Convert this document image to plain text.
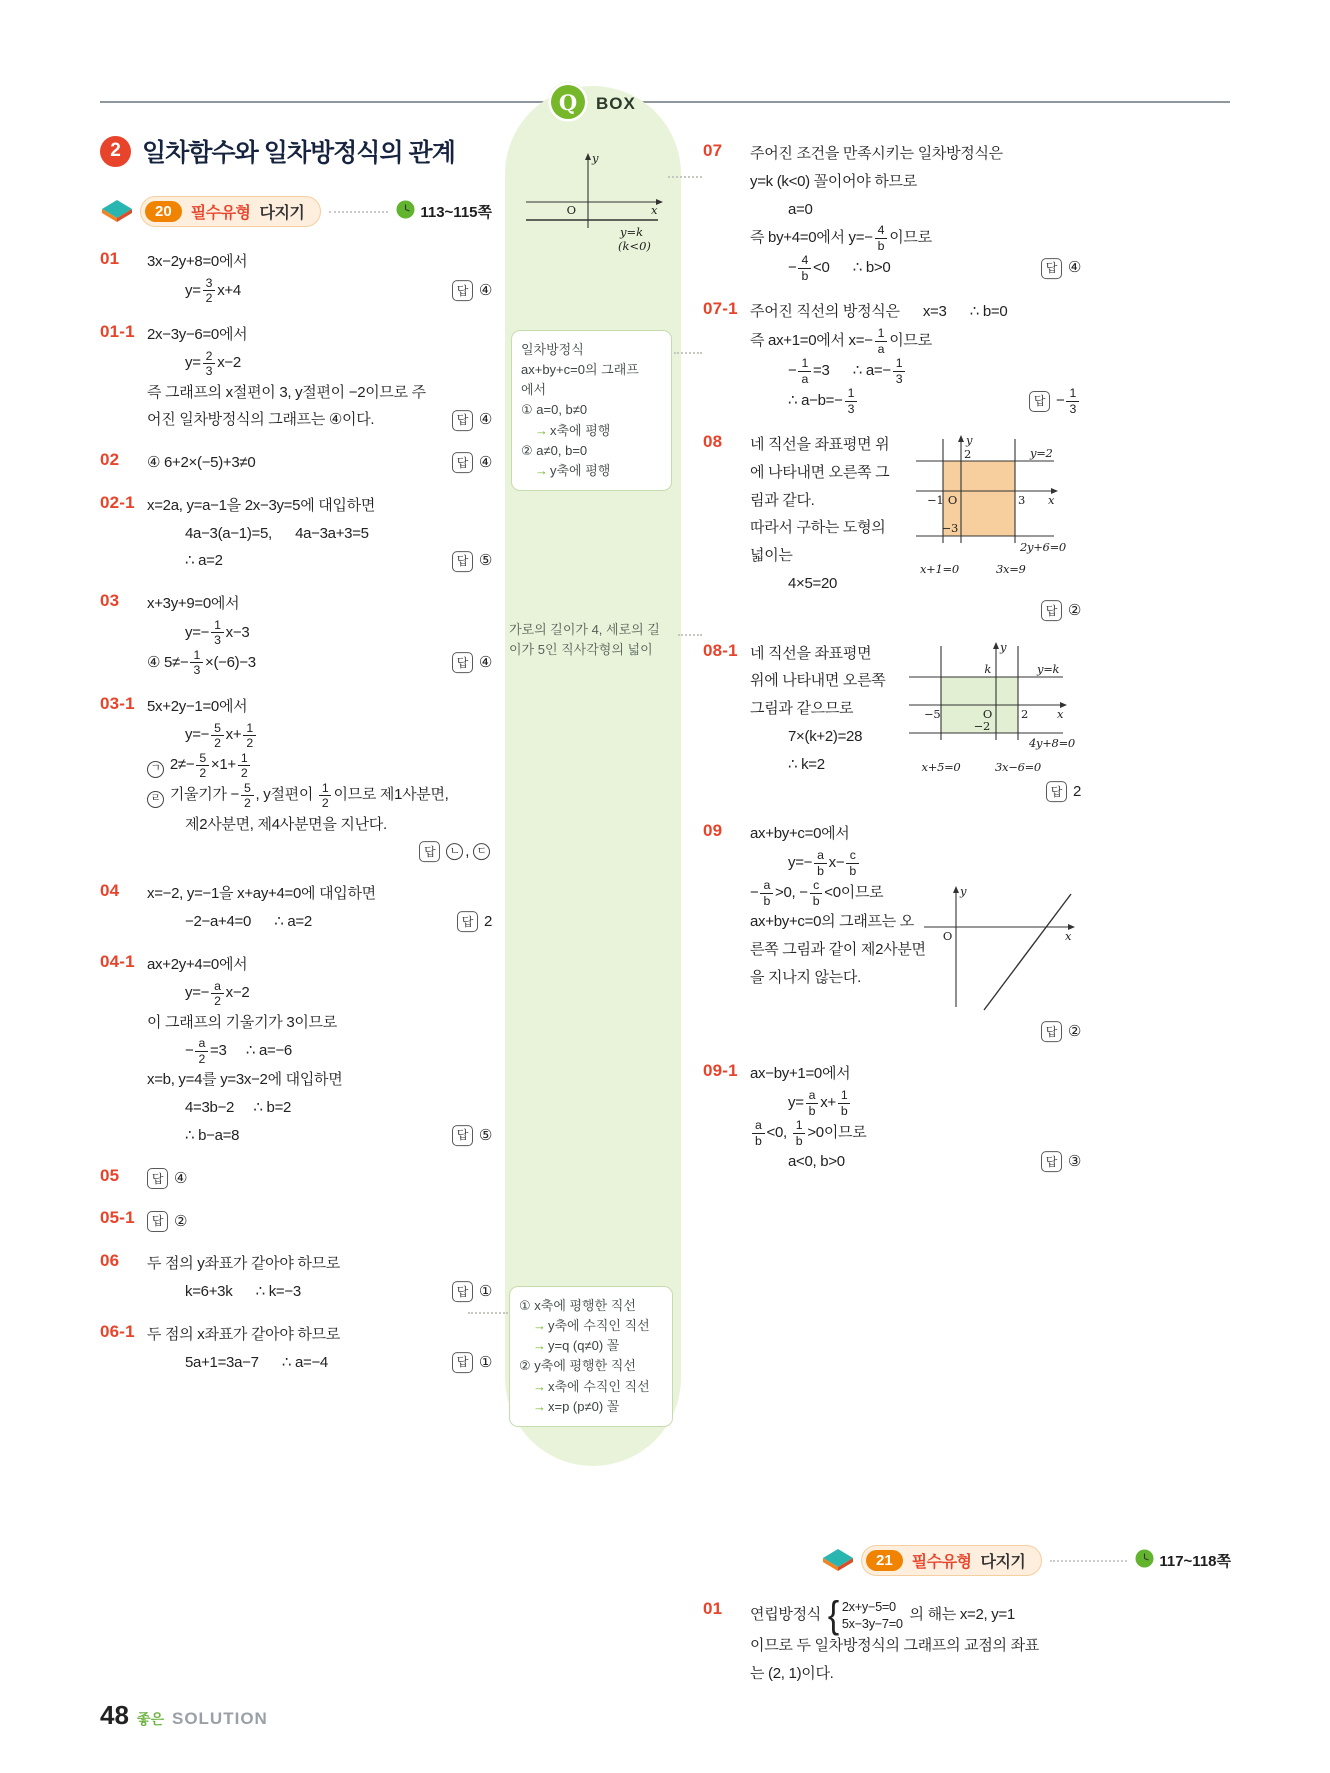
Q	BOX
y
x
O
y=k
(k<0)
일차방정식
ax+by+c=0의 그래프
에서
① a=0, b≠0
→ x축에 평행
② a≠0, b=0
→ y축에 평행
가로의 길이가 4, 세로의 길
이가 5인 직사각형의 넓이
① x축에 평행한 직선
→ y축에 수직인 직선
→ y=q (q≠0) 꼴
② y축에 평행한 직선
→ x축에 수직인 직선
→ x=p (p≠0) 꼴
2 일차함수와 일차방정식의 관계
20	필수유형 다지기	113~115쪽
01	3x−2y+8=0에서
$y= \frac{3}{2} x+4$	답 ④
01-1 2x−3y−6=0에서
$y= \frac{2}{3} x-2$
즉 그래프의 x절편이 3, y절편이 −2이므로 주
어진 일차방정식의 그래프는 ④이다.	답 ④
02	④ 6+2×(−5)+3≠0	답 ④
02-1 x=2a, y=a−1을 2x−3y=5에 대입하면
4a−3(a−1)=5,      4a−3a+3=5
∴ a=2	답 ⑤
03	x+3y+9=0에서
$y=- \frac{1}{3} x-3$
④ $5\ne- \frac{1}{3} \times(-6)-3$	답 ④
03-1 5x+2y−1=0에서
$y=- \frac{5}{2} x+ \frac{1}{2}$
ㄱ $2\ne- \frac{5}{2} \times 1+ \frac{1}{2}$
ㄹ 기울기가 − $\frac{5}{2}$ , y절편이 $\frac{1}{2}$ 이므로 제1사분면,
제2사분면, 제4사분면을 지난다.
답	ㄴ , ㄷ
04	x=−2, y=−1을 x+ay+4=0에 대입하면
−2−a+4=0      ∴ a=2	답 2
04-1 ax+2y+4=0에서
$y=- \frac{a}{2} x-2$
이 그래프의 기울기가 3이므로
− $\frac{a}{2} =3$     ∴ a=−6
x=b, y=4를 y=3x−2에 대입하면
4=3b−2     ∴ b=2
∴ b−a=8	답 ⑤
05	답 ④
05-1	답 ②
06	두 점의 y좌표가 같아야 하므로
k=6+3k      ∴ k=−3	답 ①
06-1 두 점의 x좌표가 같아야 하므로
5a+1=3a−7      ∴ a=−4	답 ①
07	주어진 조건을 만족시키는 일차방정식은
y=k (k<0) 꼴이어야 하므로
a=0
즉 by+4=0에서 $y=- \frac{4}{b}$ 이므로
− $\frac{4}{b} <0$      ∴ b>0	답 ④
07-1 주어진 직선의 방정식은      x=3      ∴ b=0
즉 ax+1=0에서 $x=- \frac{1}{a}$ 이므로
− $\frac{1}{a} =3$      ∴ $a=- \frac{1}{3}$
∴ $a-b=- \frac{1}{3}$	답 − $\frac{1}{3}$
08	y
2	y=2
−1 O	3 x
−3
2y+6=0
x+1=0	3x=9
네 직선을 좌표평면 위
에 나타내면 오른쪽 그
림과 같다.
따라서 구하는 도형의
넓이는
4×5=20
답 ②
08-1	y
k	y=k
−5	O	2	x
−2
4y+8=0
x+5=0	3x−6=0
네 직선을 좌표평면
위에 나타내면 오른쪽
그림과 같으므로
7×(k+2)=28
∴ k=2
답 2
09
y
O	x
ax+by+c=0에서
$y=- \frac{a}{b} x- \frac{c}{b}$
− $\frac{a}{b} >0$, − $\frac{c}{b} <0$이므로
ax+by+c=0의 그래프는 오
른쪽 그림과 같이 제2사분면
을 지나지 않는다.
답 ②
09-1 ax−by+1=0에서
$y= \frac{a}{b} x+ \frac{1}{b}$
$\frac{a}{b} <0$, $\frac{1}{b} >0$이므로
a<0, b>0	답 ③
21	필수유형 다지기	117~118쪽
01	연립방정식 { 2x+y−5=0
5x−3y−7=0
의 해는 x=2, y=1
이므로 두 일차방정식의 그래프의 교점의 좌표
는 (2, 1)이다.
48 좋은 SOLUTION
